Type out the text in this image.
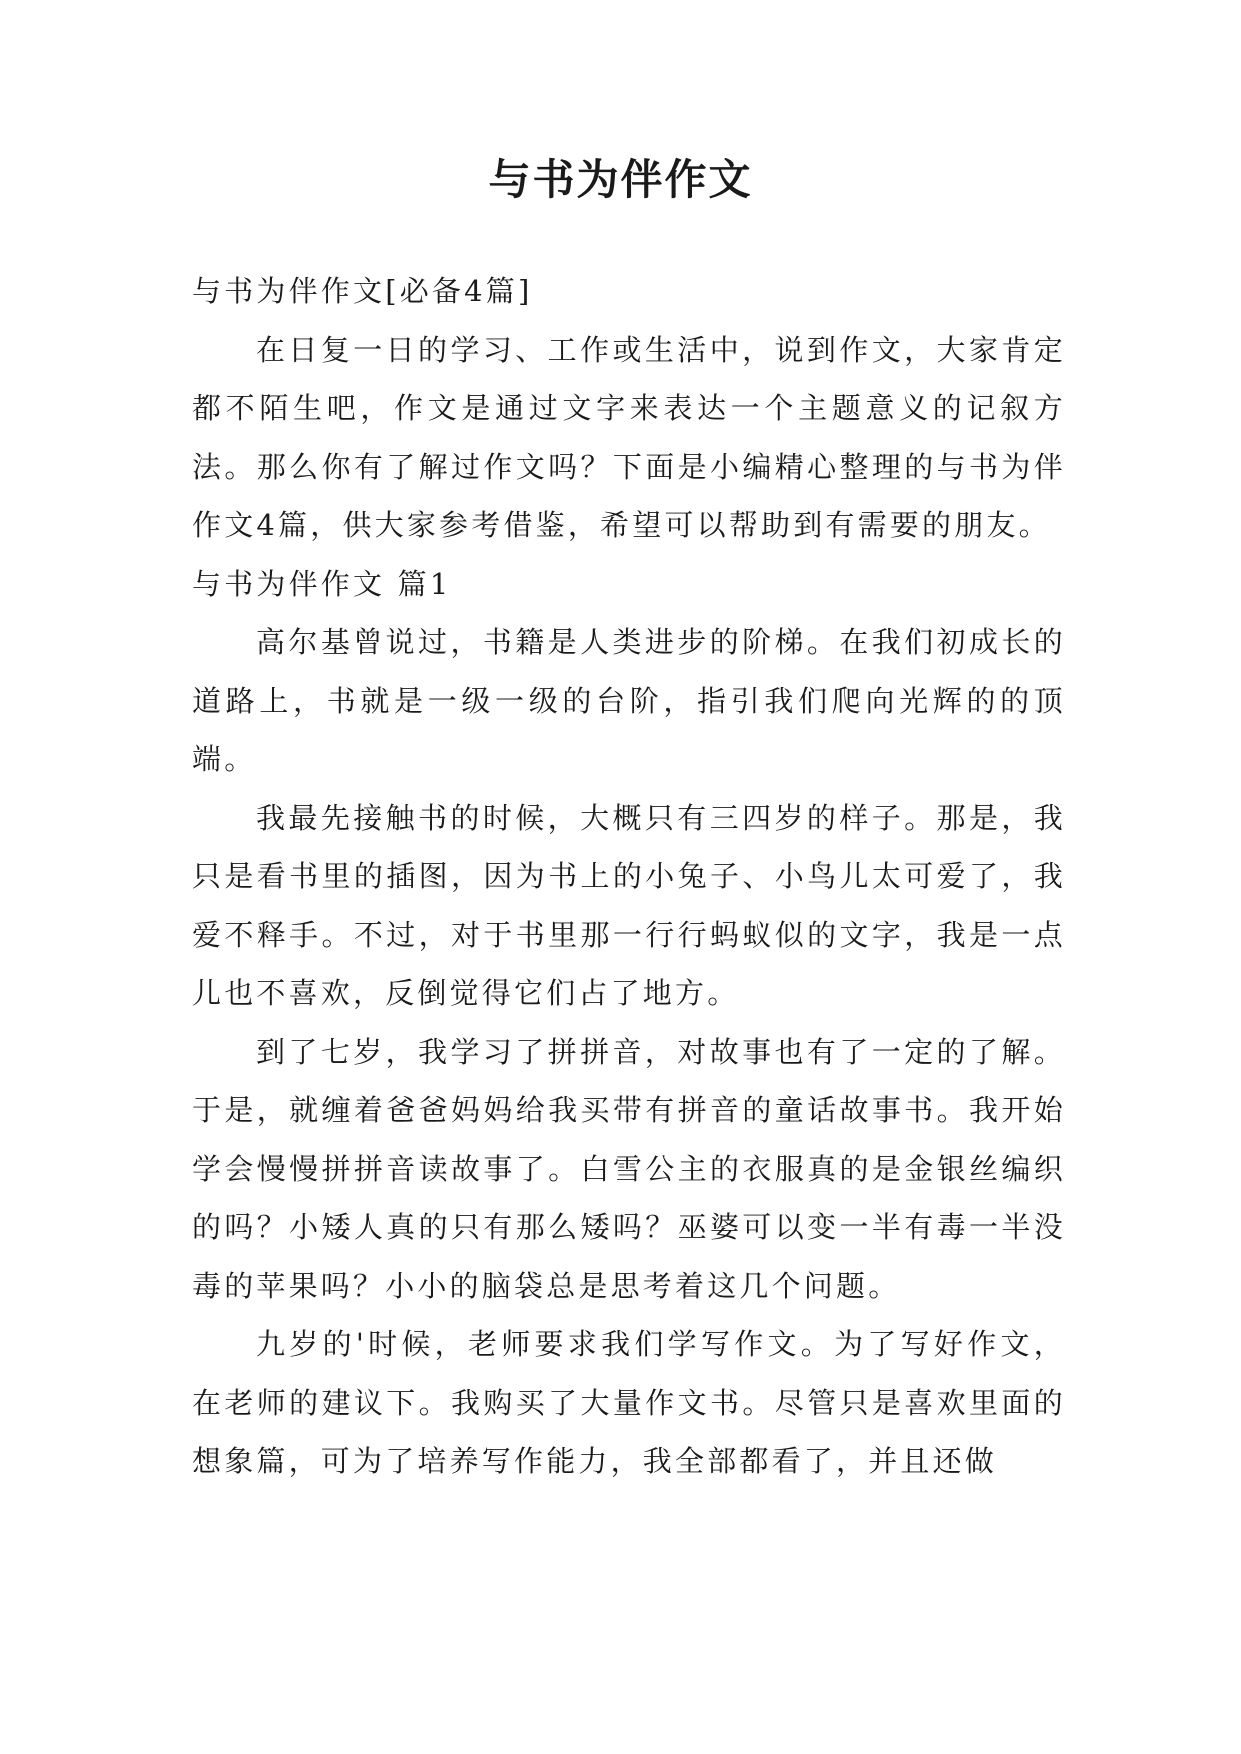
与书为伴作文

与书为伴作文[必备4篇]

在日复一日的学习、工作或生活中，说到作文，大家肯定都不陌生吧，作文是通过文字来表达一个主题意义的记叙方法。那么你有了解过作文吗？下面是小编精心整理的与书为伴作文4篇，供大家参考借鉴，希望可以帮助到有需要的朋友。

与书为伴作文 篇1

高尔基曾说过，书籍是人类进步的阶梯。在我们初成长的道路上，书就是一级一级的台阶，指引我们爬向光辉的的顶端。

我最先接触书的时候，大概只有三四岁的样子。那是，我只是看书里的插图，因为书上的小兔子、小鸟儿太可爱了，我爱不释手。不过，对于书里那一行行蚂蚁似的文字，我是一点儿也不喜欢，反倒觉得它们占了地方。

到了七岁，我学习了拼拼音，对故事也有了一定的了解。于是，就缠着爸爸妈妈给我买带有拼音的童话故事书。我开始学会慢慢拼拼音读故事了。白雪公主的衣服真的是金银丝编织的吗？小矮人真的只有那么矮吗？巫婆可以变一半有毒一半没毒的苹果吗？小小的脑袋总是思考着这几个问题。

九岁的'时候，老师要求我们学写作文。为了写好作文，在老师的建议下。我购买了大量作文书。尽管只是喜欢里面的想象篇，可为了培养写作能力，我全部都看了，并且还做
